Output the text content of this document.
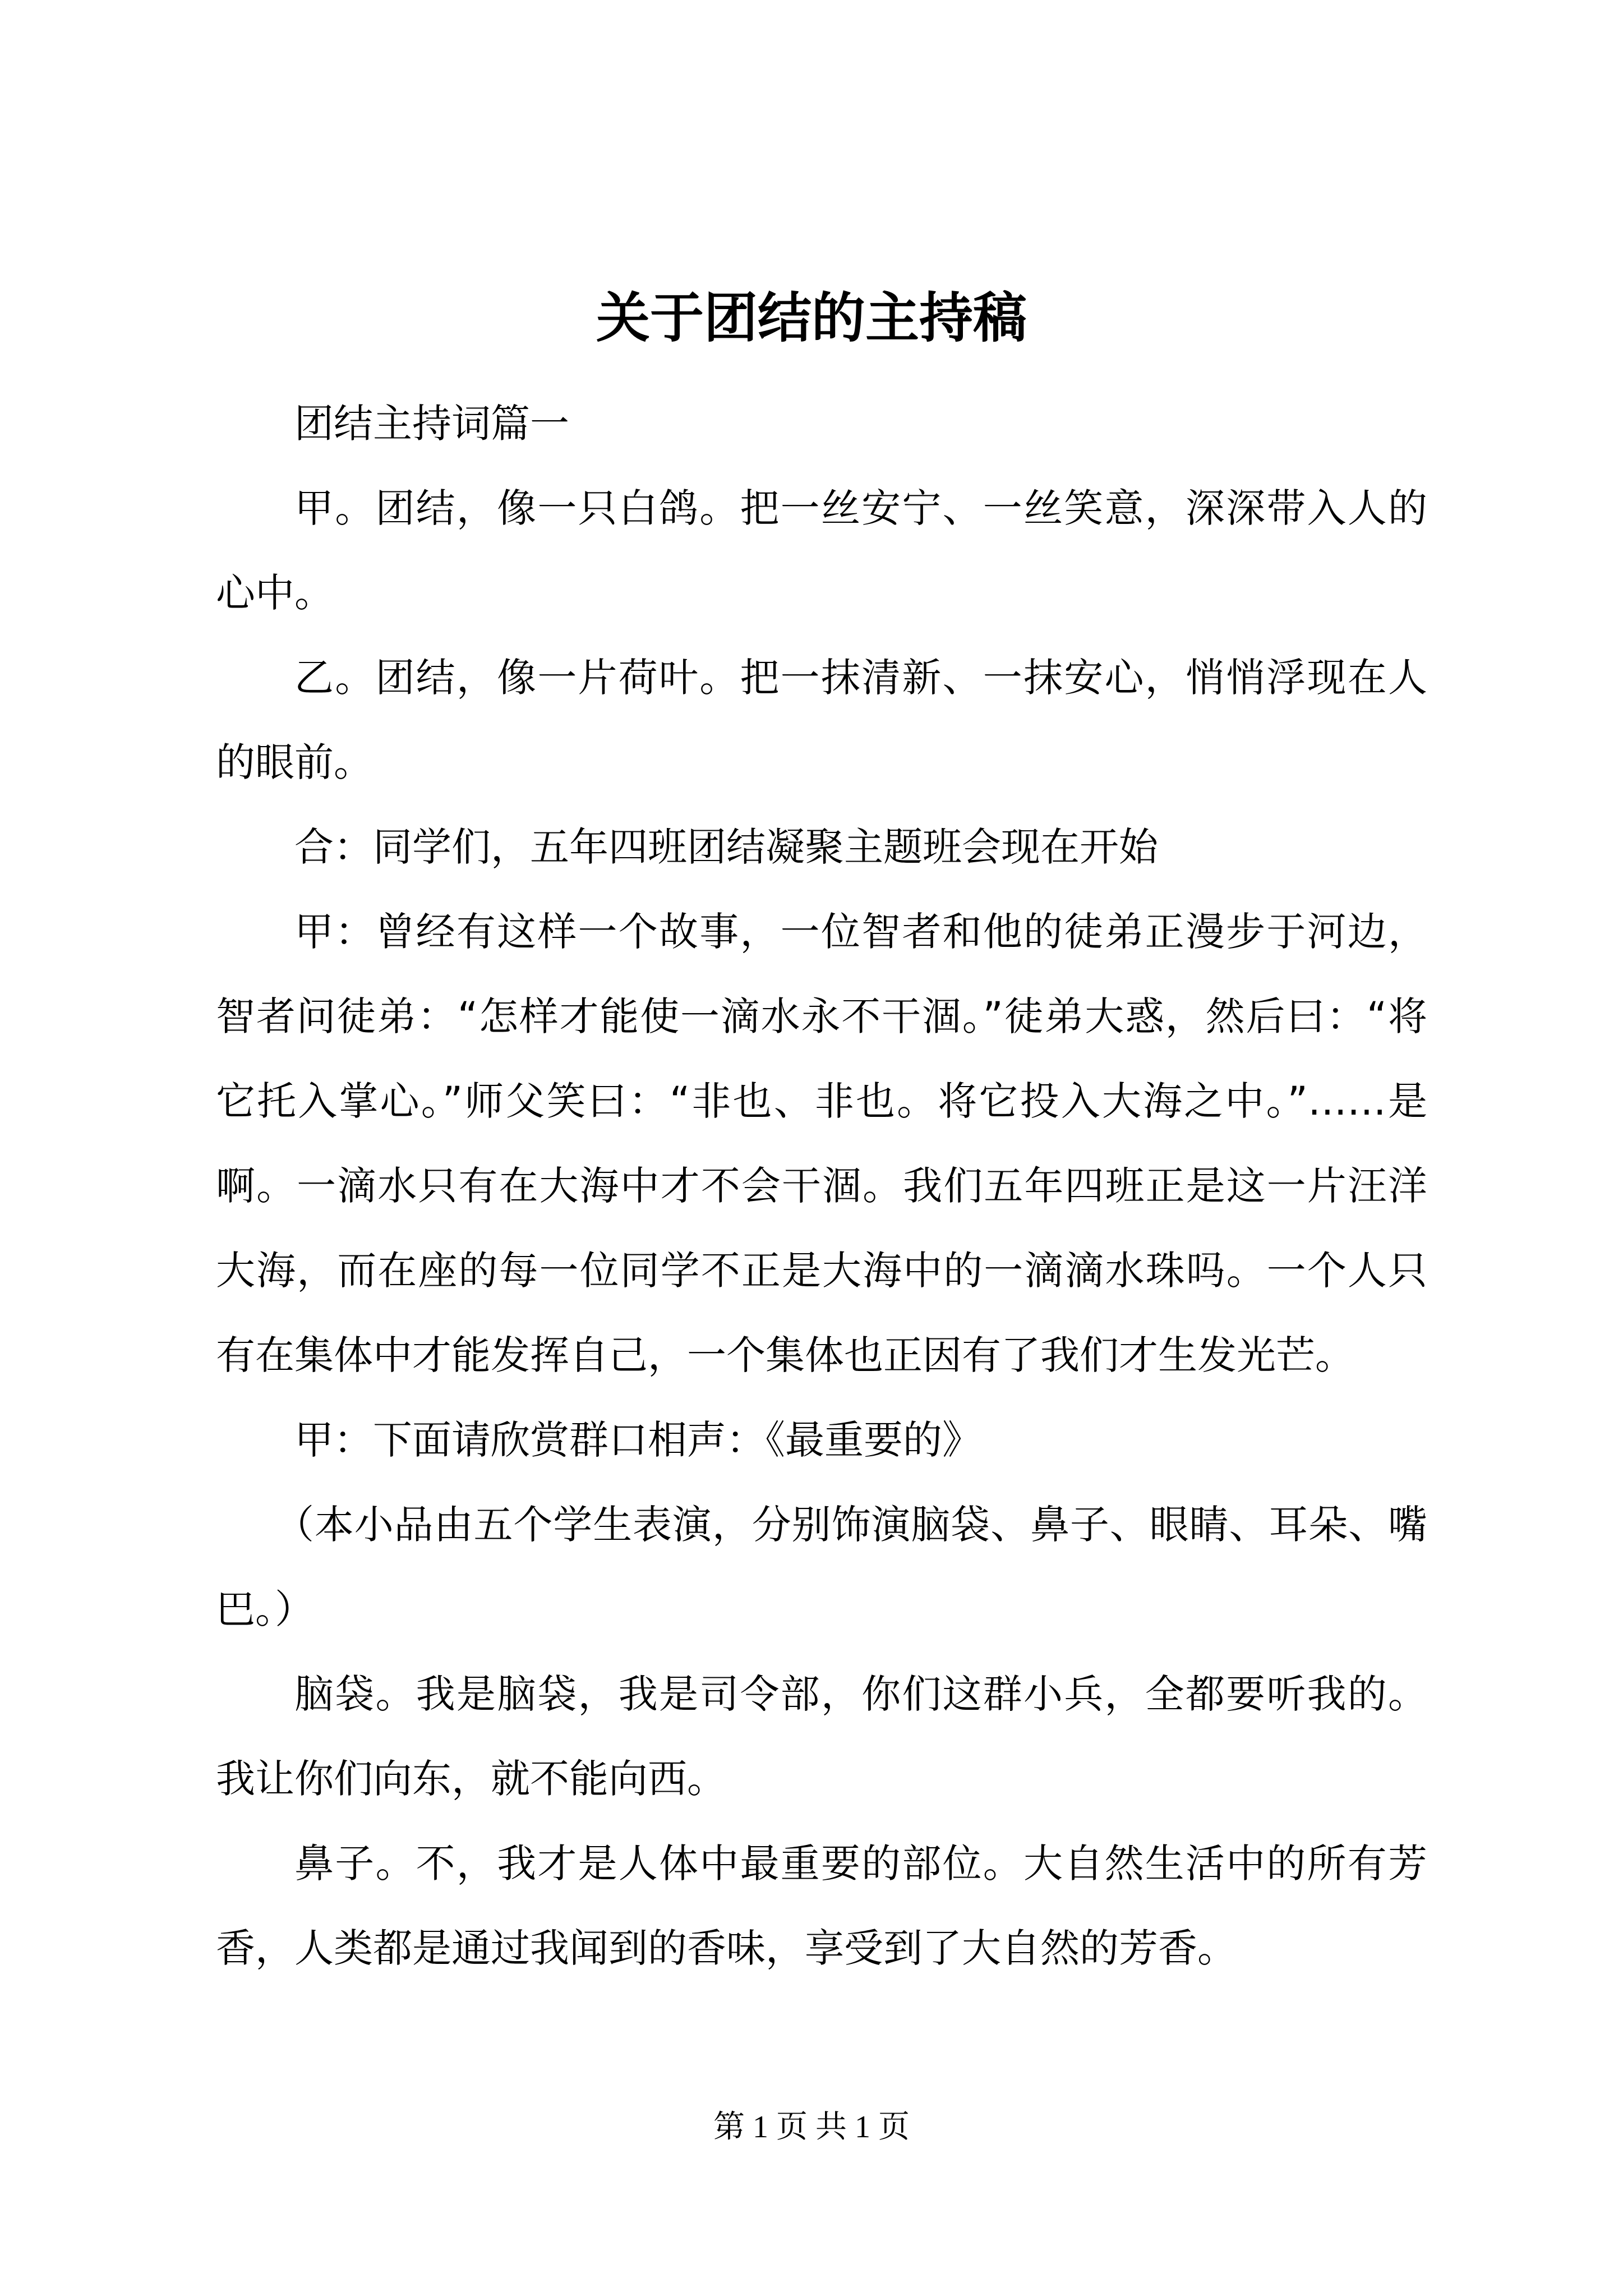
关于团结的主持稿

团结主持词篇一

甲。团结，像一只白鸽。把一丝安宁、一丝笑意，深深带入人的心中。

乙。团结，像一片荷叶。把一抹清新、一抹安心，悄悄浮现在人的眼前。

合：同学们，五年四班团结凝聚主题班会现在开始

甲：曾经有这样一个故事，一位智者和他的徒弟正漫步于河边，智者问徒弟：“怎样才能使一滴水永不干涸。”徒弟大惑，然后曰：“将它托入掌心。”师父笑曰：“非也、非也。将它投入大海之中。”……是啊。一滴水只有在大海中才不会干涸。我们五年四班正是这一片汪洋大海，而在座的每一位同学不正是大海中的一滴滴水珠吗。一个人只有在集体中才能发挥自己，一个集体也正因有了我们才生发光芒。

甲：下面请欣赏群口相声：《最重要的》

（本小品由五个学生表演，分别饰演脑袋、鼻子、眼睛、耳朵、嘴巴。）

脑袋。我是脑袋，我是司令部，你们这群小兵，全都要听我的。我让你们向东，就不能向西。

鼻子。不，我才是人体中最重要的部位。大自然生活中的所有芳香，人类都是通过我闻到的香味，享受到了大自然的芳香。

第 1 页 共 1 页
